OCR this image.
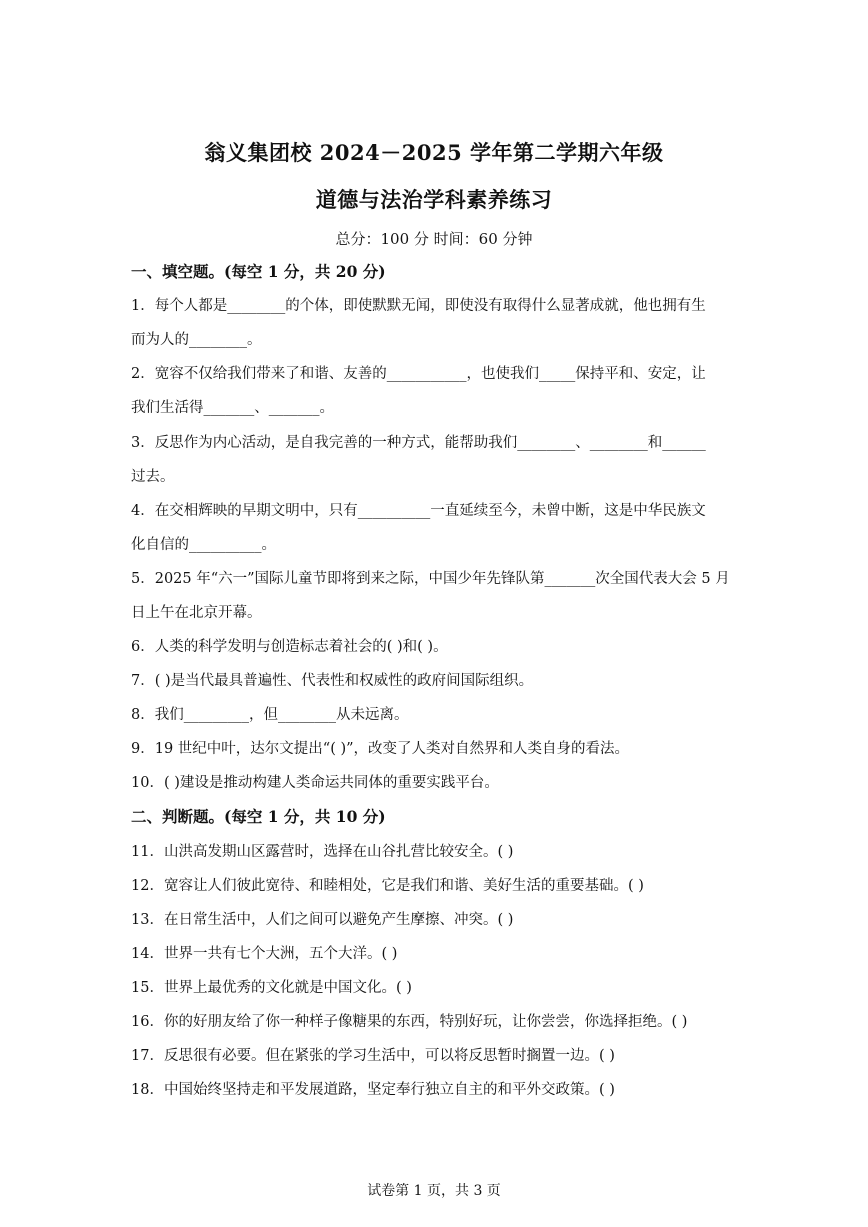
翁义集团校 2024－2025 学年第二学期六年级
道德与法治学科素养练习
总分：100 分 时间：60 分钟
一、填空题。(每空 1 分，共 20 分)
1．每个人都是________的个体，即使默默无闻，即使没有取得什么显著成就，他也拥有生
而为人的________。
2．宽容不仅给我们带来了和谐、友善的___________，也使我们_____保持平和、安定，让
我们生活得_______、_______。
3．反思作为内心活动，是自我完善的一种方式，能帮助我们________、________和______
过去。
4．在交相辉映的早期文明中，只有__________一直延续至今，未曾中断，这是中华民族文
化自信的__________。
5．2025 年“六一”国际儿童节即将到来之际，中国少年先锋队第_______次全国代表大会 5 月
日上午在北京开幕。
6．人类的科学发明与创造标志着社会的( )和( )。
7．( )是当代最具普遍性、代表性和权威性的政府间国际组织。
8．我们_________，但________从未远离。
9．19 世纪中叶，达尔文提出“( )”，改变了人类对自然界和人类自身的看法。
10．( )建设是推动构建人类命运共同体的重要实践平台。
二、判断题。(每空 1 分，共 10 分)
11．山洪高发期山区露营时，选择在山谷扎营比较安全。( )
12．宽容让人们彼此宽待、和睦相处，它是我们和谐、美好生活的重要基础。( )
13．在日常生活中，人们之间可以避免产生摩擦、冲突。( )
14．世界一共有七个大洲，五个大洋。( )
15．世界上最优秀的文化就是中国文化。( )
16．你的好朋友给了你一种样子像糖果的东西，特别好玩，让你尝尝，你选择拒绝。( )
17．反思很有必要。但在紧张的学习生活中，可以将反思暂时搁置一边。( )
18．中国始终坚持走和平发展道路，坚定奉行独立自主的和平外交政策。( )
试卷第 1 页，共 3 页
